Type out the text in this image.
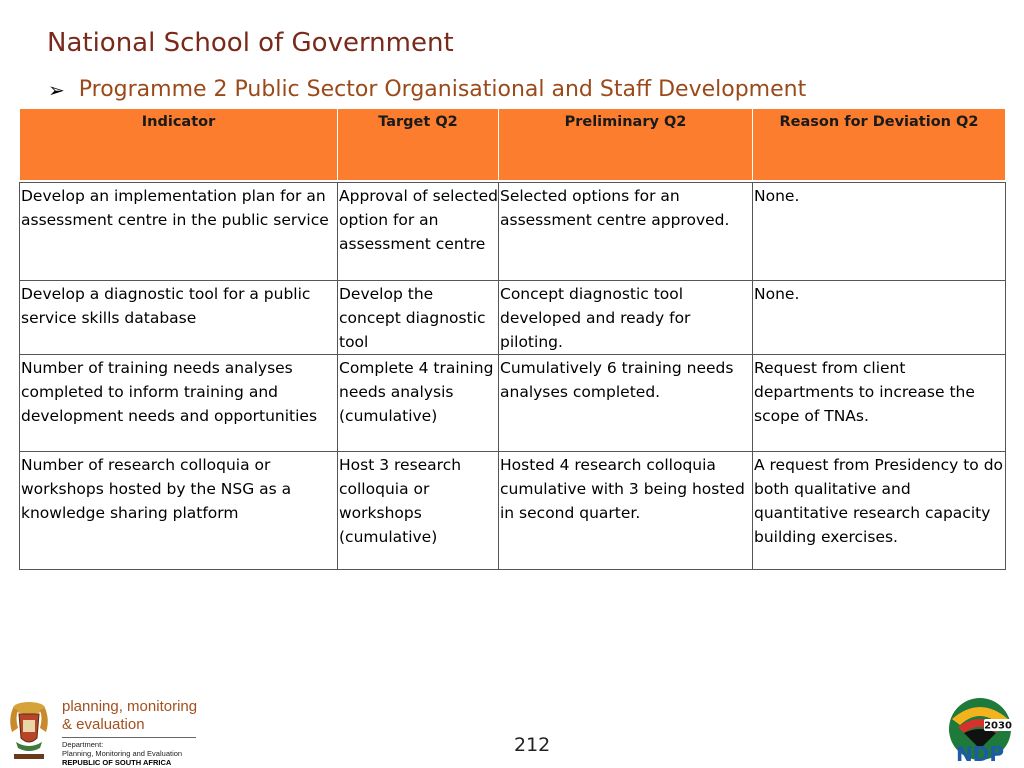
National School of Government
➢ Programme 2 Public Sector Organisational and Staff Development
Indicator	Target Q2	Preliminary Q2	Reason for Deviation Q2
Develop an implementation plan for an assessment centre in the public service	Approval of selected option for an assessment centre	Selected options for an assessment centre approved.	None.
Develop a diagnostic tool for a public service skills database	Develop the concept diagnostic tool	Concept diagnostic tool developed and ready for piloting.	None.
Number of training needs analyses completed to inform training and development needs and opportunities	Complete 4 training needs analysis (cumulative)	Cumulatively 6 training needs analyses completed.	Request from client departments to increase the scope of TNAs.
Number of research colloquia or workshops hosted by the NSG as a knowledge sharing platform	Host 3 research colloquia or workshops (cumulative)	Hosted 4 research colloquia cumulative with 3 being hosted in second quarter.	A request from Presidency to do both qualitative and quantitative research capacity building exercises.
planning, monitoring
& evaluation
Department:
Planning, Monitoring and Evaluation
REPUBLIC OF SOUTH AFRICA
212
2030
NDP
